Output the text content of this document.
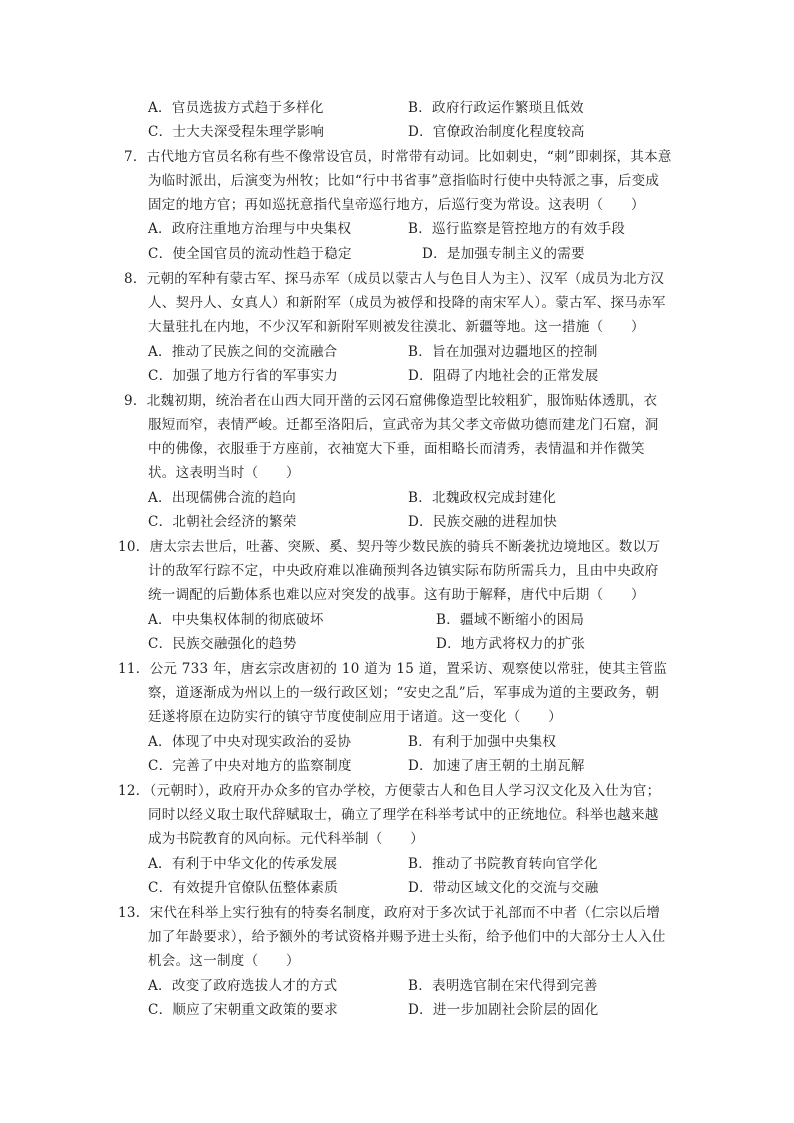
A．官员选拔方式趋于多样化	B．政府行政运作繁琐且低效
C．士大夫深受程朱理学影响	D．官僚政治制度化程度较高
7．古代地方官员名称有些不像常设官员，时常带有动词。比如刺史，“刺”即刺探，其本意
为临时派出，后演变为州牧；比如“行中书省事”意指临时行使中央特派之事，后变成
固定的地方官；再如巡抚意指代皇帝巡行地方，后巡行变为常设。这表明（　　）
A．政府注重地方治理与中央集权	B．巡行监察是管控地方的有效手段
C．使全国官员的流动性趋于稳定	D．是加强专制主义的需要
8．元朝的军种有蒙古军、探马赤军（成员以蒙古人与色目人为主）、汉军（成员为北方汉
人、契丹人、女真人）和新附军（成员为被俘和投降的南宋军人）。蒙古军、探马赤军
大量驻扎在内地，不少汉军和新附军则被发往漠北、新疆等地。这一措施（　　）
A．推动了民族之间的交流融合	B．旨在加强对边疆地区的控制
C．加强了地方行省的军事实力	D．阻碍了内地社会的正常发展
9．北魏初期，统治者在山西大同开凿的云冈石窟佛像造型比较粗犷，服饰贴体透肌，衣
服短而窄，表情严峻。迁都至洛阳后，宣武帝为其父孝文帝做功德而建龙门石窟，洞
中的佛像，衣服垂于方座前，衣袖宽大下垂，面相略长而清秀，表情温和并作微笑
状。这表明当时（　　）
A．出现儒佛合流的趋向	B．北魏政权完成封建化
C．北朝社会经济的繁荣	D．民族交融的进程加快
10．唐太宗去世后，吐蕃、突厥、奚、契丹等少数民族的骑兵不断袭扰边境地区。数以万
计的敌军行踪不定，中央政府难以准确预判各边镇实际布防所需兵力，且由中央政府
统一调配的后勤体系也难以应对突发的战事。这有助于解释，唐代中后期（　　）
A．中央集权体制的彻底破坏	B．疆域不断缩小的困局
C．民族交融强化的趋势	D．地方武将权力的扩张
11．公元 733 年，唐玄宗改唐初的 10 道为 15 道，置采访、观察使以常驻，使其主管监
察，道逐渐成为州以上的一级行政区划；“安史之乱”后，军事成为道的主要政务，朝
廷遂将原在边防实行的镇守节度使制应用于诸道。这一变化（　　）
A．体现了中央对现实政治的妥协	B．有利于加强中央集权
C．完善了中央对地方的监察制度	D．加速了唐王朝的土崩瓦解
12．（元朝时），政府开办众多的官办学校，方便蒙古人和色目人学习汉文化及入仕为官；
同时以经义取士取代辞赋取士，确立了理学在科举考试中的正统地位。科举也越来越
成为书院教育的风向标。元代科举制（　　）
A．有利于中华文化的传承发展	B．推动了书院教育转向官学化
C．有效提升官僚队伍整体素质	D．带动区域文化的交流与交融
13．宋代在科举上实行独有的特奏名制度，政府对于多次试于礼部而不中者（仁宗以后增
加了年龄要求），给予额外的考试资格并赐予进士头衔，给予他们中的大部分士人入仕
机会。这一制度（　　）
A．改变了政府选拔人才的方式	B．表明选官制在宋代得到完善
C．顺应了宋朝重文政策的要求	D．进一步加剧社会阶层的固化
